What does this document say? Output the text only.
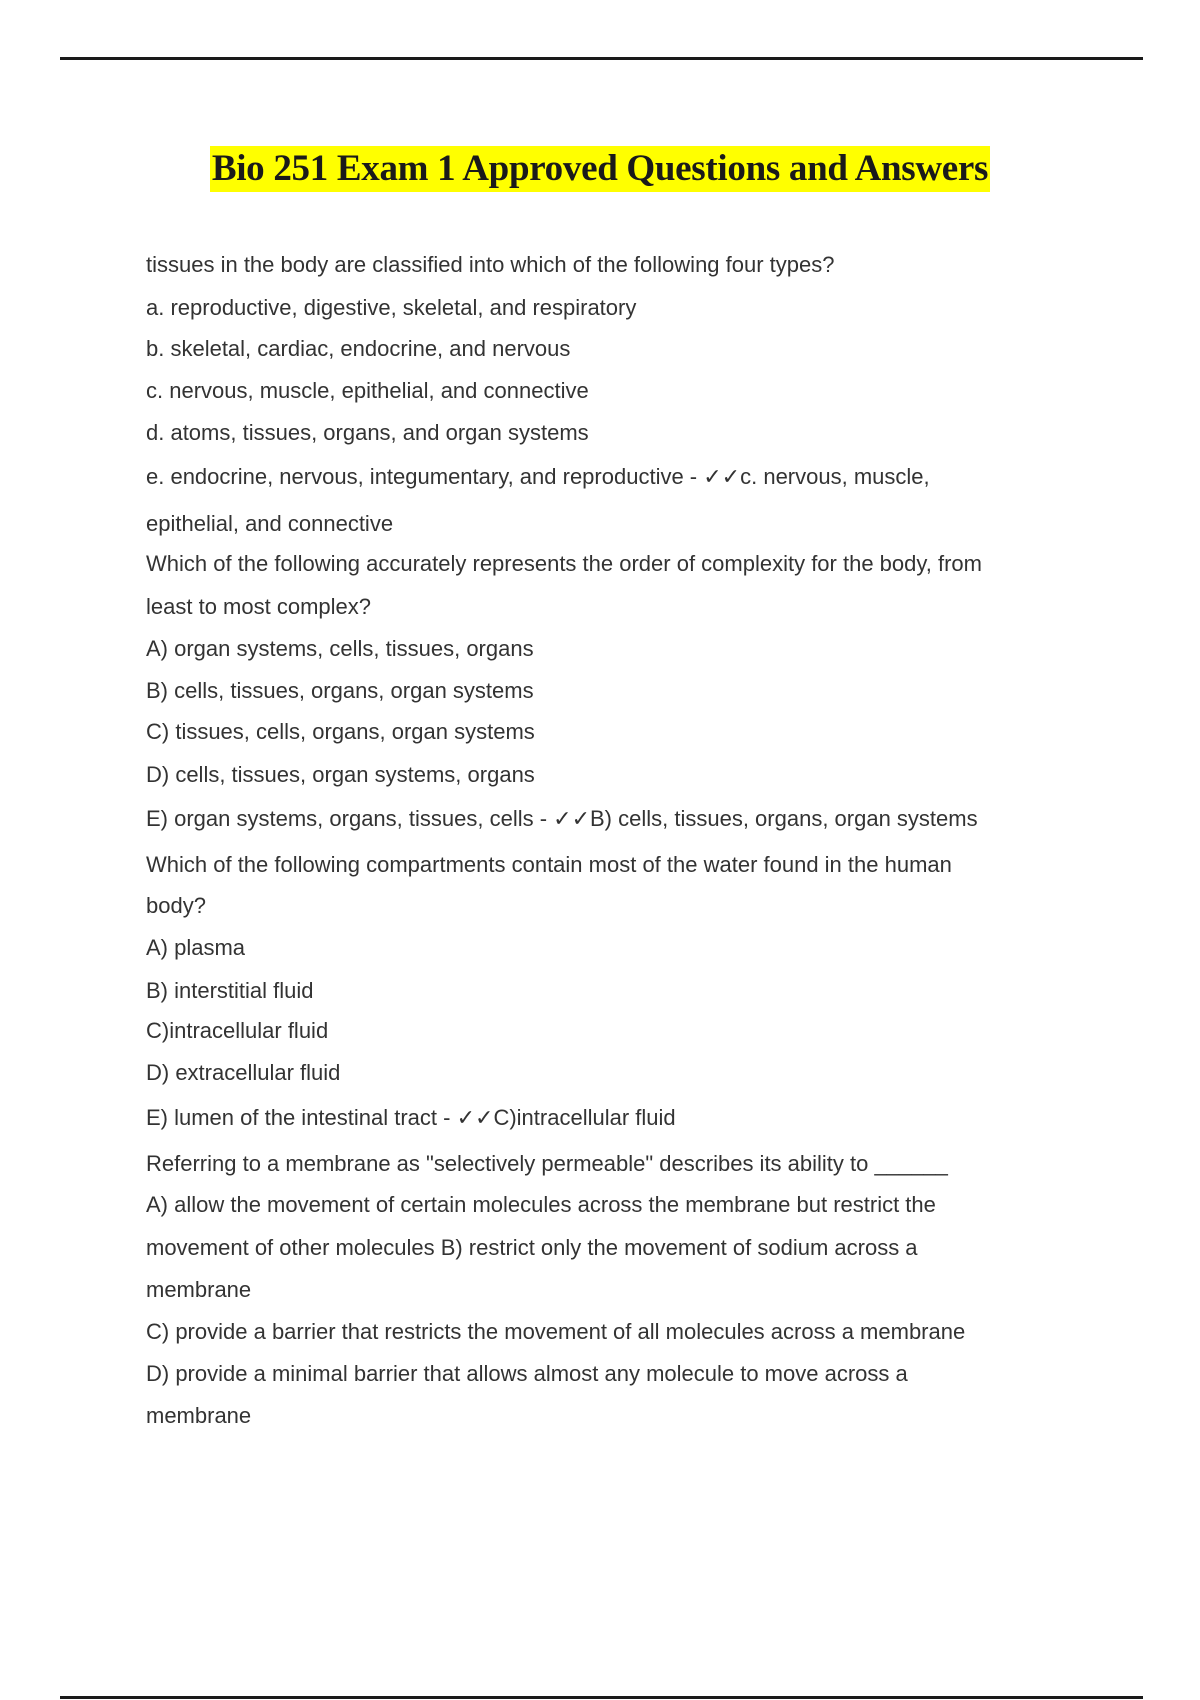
Bio 251 Exam 1 Approved Questions and Answers
tissues in the body are classified into which of the following four types?
a. reproductive, digestive, skeletal, and respiratory
b. skeletal, cardiac, endocrine, and nervous
c. nervous, muscle, epithelial, and connective
d. atoms, tissues, organs, and organ systems
e. endocrine, nervous, integumentary, and reproductive - ✓✓c. nervous, muscle,
epithelial, and connective
Which of the following accurately represents the order of complexity for the body, from
least to most complex?
A) organ systems, cells, tissues, organs
B) cells, tissues, organs, organ systems
C) tissues, cells, organs, organ systems
D) cells, tissues, organ systems, organs
E) organ systems, organs, tissues, cells - ✓✓B) cells, tissues, organs, organ systems
Which of the following compartments contain most of the water found in the human
body?
A) plasma
B) interstitial fluid
C)intracellular fluid
D) extracellular fluid
E) lumen of the intestinal tract - ✓✓C)intracellular fluid
Referring to a membrane as "selectively permeable" describes its ability to ______
A) allow the movement of certain molecules across the membrane but restrict the
movement of other molecules B) restrict only the movement of sodium across a
membrane
C) provide a barrier that restricts the movement of all molecules across a membrane
D) provide a minimal barrier that allows almost any molecule to move across a
membrane
